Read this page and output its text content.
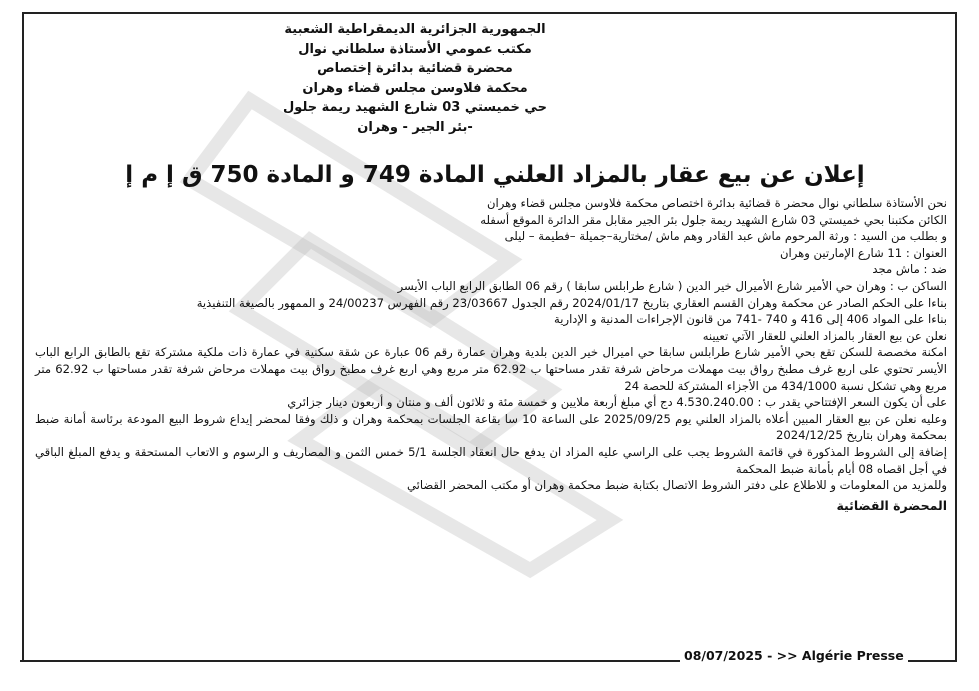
الجمهورية الجزائرية الديمقراطية الشعبية
مكتب عمومي الأستاذة سلطاني نوال
محضرة قضائية بدائرة إختصاص
محكمة فلاوسن مجلس قضاء وهران
حي خميستي 03 شارع الشهيد ريمة جلول
-بئر الجير - وهران
إعلان عن بيع عقار بالمزاد العلني المادة 749 و المادة 750 ق إ م إ

نحن الأستاذة سلطاني نوال محضر ة قضائية بدائرة اختصاص محكمة فلاوسن مجلس قضاء وهران

الكائن مكتبنا بحي خميستي 03 شارع الشهيد ريمة جلول بئر الجير مقابل مقر الدائرة الموقع أسفله

و بطلب من السيد : ورثة المرحوم ماش عبد القادر وهم ماش /مختارية–جميلة –فطيمة – ليلى

العنوان : 11 شارع الإمارتين وهران

ضد : ماش مجد

الساكن ب : وهران حي الأمير شارع الأميرال خير الدين ( شارع طرابلس سابقا ) رقم 06 الطابق الرابع الباب الأيسر

بناءا على الحكم الصادر عن محكمة وهران القسم العقاري بتاريخ 2024/01/17 رقم الجدول 23/03667 رقم الفهرس 24/00237 و الممهور بالصيغة التنفيذية

بناءا على المواد 406 إلى 416 و 740 -741 من قانون الإجراءات المدنية و الإدارية

نعلن عن بيع العقار بالمزاد العلني للعقار الآتي تعيينه

امكنة مخصصة للسكن تقع بحي الأمير شارع طرابلس سابقا حي اميرال خير الدين بلدية وهران عمارة رقم 06 عبارة عن شقة سكنية في عمارة ذات ملكية مشتركة تقع بالطابق الرابع الباب الأيسر تحتوي على اربع غرف مطبخ رواق بيت مهملات مرحاض شرفة تقدر مساحتها ب 62.92 متر مربع وهي اربع غرف مطبخ رواق بيت مهملات مرحاض شرفة تقدر مساحتها ب 62.92 متر مربع وهي تشكل نسبة 434/1000 من الأجزاء المشتركة للحصة 24

على أن يكون السعر الإفتتاحي يقدر ب : 4.530.240.00 دج أي مبلغ أربعة ملايين و خمسة مئة و ثلاثون ألف و منتان و أربعون دينار جزائري

وعليه نعلن عن بيع العقار المبين أعلاه بالمزاد العلني يوم 2025/09/25 على الساعة 10 سا بقاعة الجلسات بمحكمة وهران و ذلك وفقا لمحضر إيداع شروط البيع المودعة برئاسة أمانة ضبط بمحكمة وهران بتاريخ 2024/12/25

إضافة إلى الشروط المذكورة في قائمة الشروط يجب على الراسي عليه المزاد ان يدفع حال انعقاد الجلسة 5/1 خمس الثمن و المصاريف و الرسوم و الاتعاب المستحقة و يدفع المبلغ الباقي في أجل اقصاه 08 أيام بأمانة ضبط المحكمة

وللمزيد من المعلومات و للاطلاع على دفتر الشروط الاتصال بكتابة ضبط محكمة وهران أو مكتب المحضر القضائي

المحضرة القضائية

08/07/2025 - >> Algérie Presse
